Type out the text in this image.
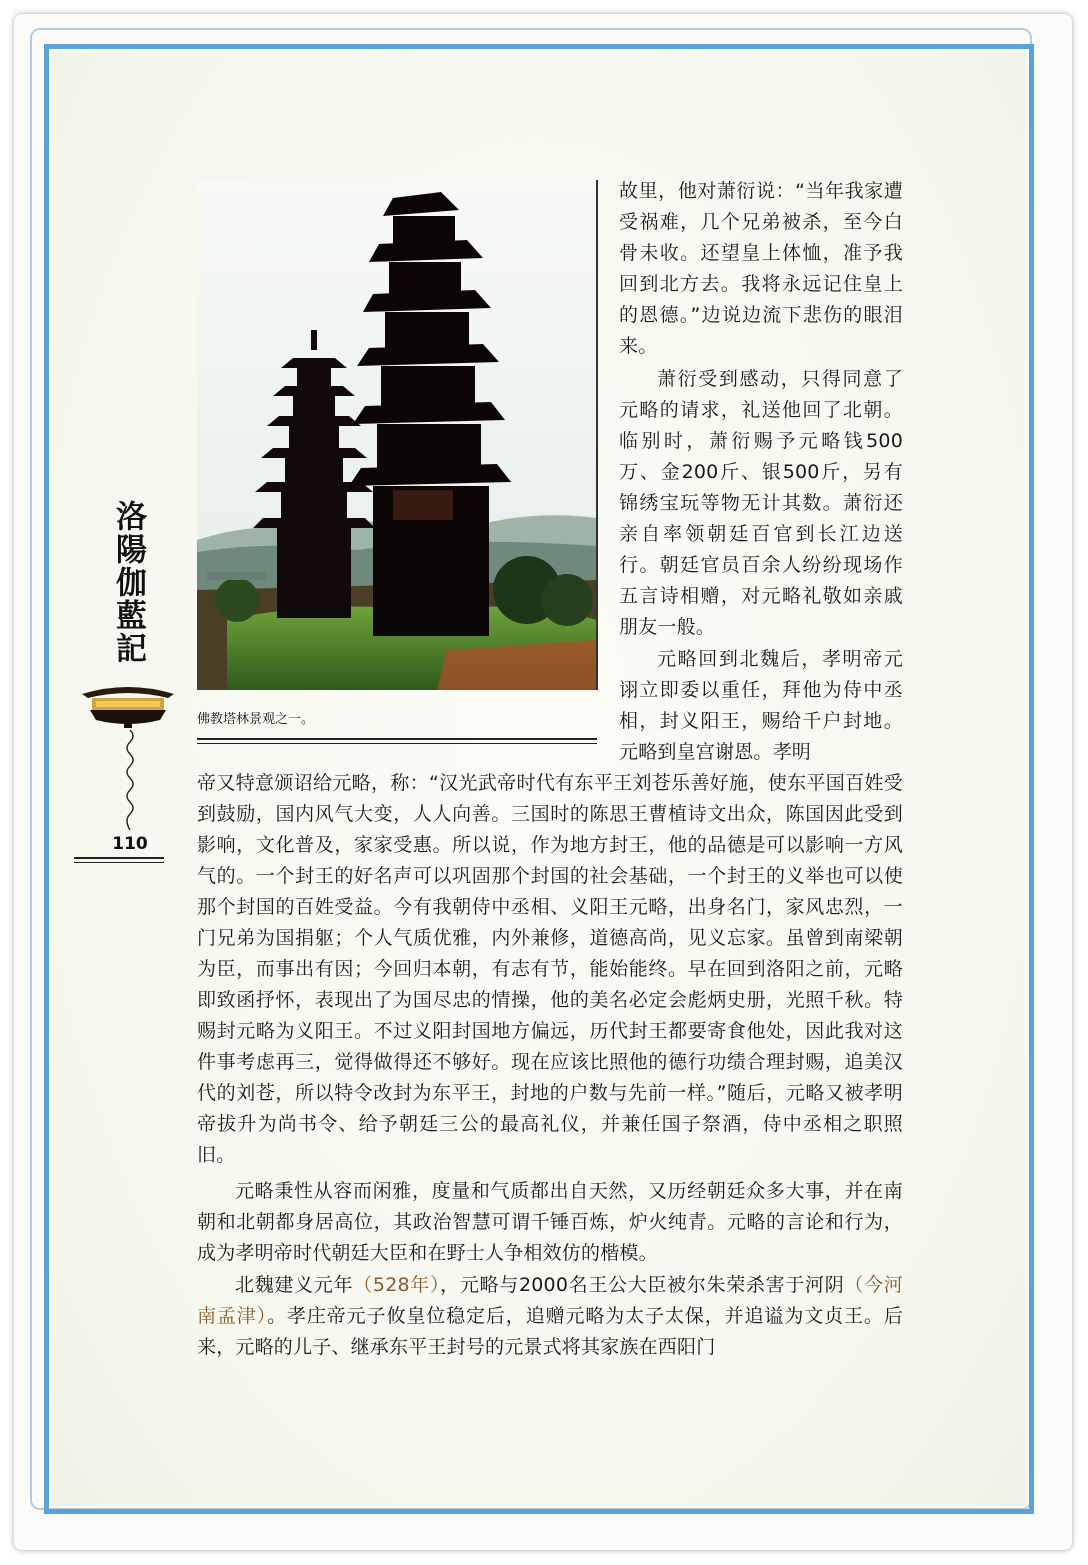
洛陽伽藍記
110
佛教塔林景观之一。

故里，他对萧衍说：“当年我家遭受祸难，几个兄弟被杀，至今白骨未收。还望皇上体恤，准予我回到北方去。我将永远记住皇上的恩德。”边说边流下悲伤的眼泪来。

萧衍受到感动，只得同意了元略的请求，礼送他回了北朝。临别时，萧衍赐予元略钱500万、金200斤、银500斤，另有锦绣宝玩等物无计其数。萧衍还亲自率领朝廷百官到长江边送行。朝廷官员百余人纷纷现场作五言诗相赠，对元略礼敬如亲戚朋友一般。

元略回到北魏后，孝明帝元诩立即委以重任，拜他为侍中丞相，封义阳王，赐给千户封地。元略到皇宫谢恩。孝明

帝又特意颁诏给元略，称：“汉光武帝时代有东平王刘苍乐善好施，使东平国百姓受到鼓励，国内风气大变，人人向善。三国时的陈思王曹植诗文出众，陈国因此受到影响，文化普及，家家受惠。所以说，作为地方封王，他的品德是可以影响一方风气的。一个封王的好名声可以巩固那个封国的社会基础，一个封王的义举也可以使那个封国的百姓受益。今有我朝侍中丞相、义阳王元略，出身名门，家风忠烈，一门兄弟为国捐躯；个人气质优雅，内外兼修，道德高尚，见义忘家。虽曾到南梁朝为臣，而事出有因；今回归本朝，有志有节，能始能终。早在回到洛阳之前，元略即致函抒怀，表现出了为国尽忠的情操，他的美名必定会彪炳史册，光照千秋。特赐封元略为义阳王。不过义阳封国地方偏远，历代封王都要寄食他处，因此我对这件事考虑再三，觉得做得还不够好。现在应该比照他的德行功绩合理封赐，追美汉代的刘苍，所以特令改封为东平王，封地的户数与先前一样。”随后，元略又被孝明帝拔升为尚书令、给予朝廷三公的最高礼仪，并兼任国子祭酒，侍中丞相之职照旧。

元略秉性从容而闲雅，度量和气质都出自天然，又历经朝廷众多大事，并在南朝和北朝都身居高位，其政治智慧可谓千锤百炼，炉火纯青。元略的言论和行为，成为孝明帝时代朝廷大臣和在野士人争相效仿的楷模。

北魏建义元年（528年），元略与2000名王公大臣被尔朱荣杀害于河阴（今河南孟津）。孝庄帝元子攸皇位稳定后，追赠元略为太子太保，并追谥为文贞王。后来，元略的儿子、继承东平王封号的元景式将其家族在西阳门
